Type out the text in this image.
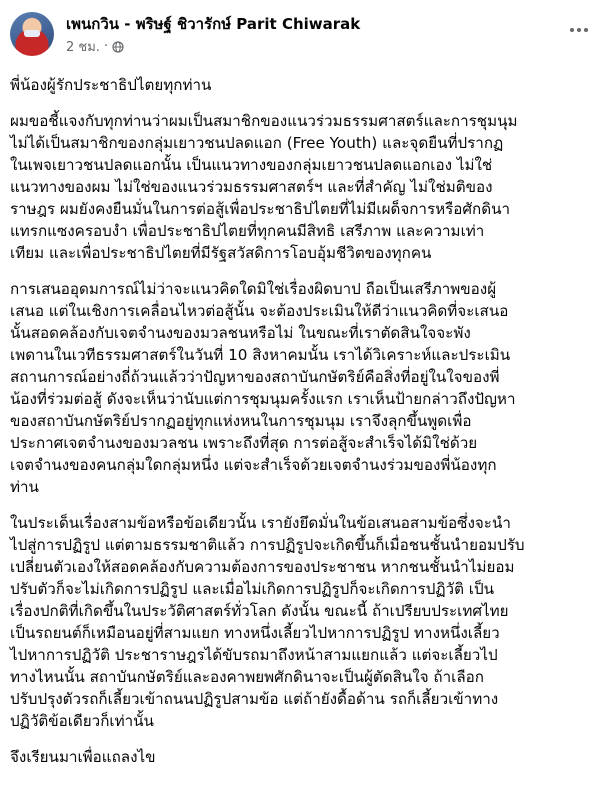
เพนกวิน - พริษฐ์ ชิวารักษ์ Parit Chiwarak
2 ชม. ·

พี่น้องผู้รักประชาธิปไตยทุกท่าน

ผมขอชี้แจงกับทุกท่านว่าผมเป็นสมาชิกของแนวร่วมธรรมศาสตร์และการชุมนุม
ไม่ได้เป็นสมาชิกของกลุ่มเยาวชนปลดแอก (Free Youth) และจุดยืนที่ปรากฏ
ในเพจเยาวชนปลดแอกนั้น เป็นแนวทางของกลุ่มเยาวชนปลดแอกเอง ไม่ใช่
แนวทางของผม ไม่ใช่ของแนวร่วมธรรมศาสตร์ฯ และที่สำคัญ ไม่ใช่มติของ
ราษฎร ผมยังคงยืนมั่นในการต่อสู้เพื่อประชาธิปไตยที่ไม่มีเผด็จการหรือศักดินา
แทรกแซงครอบงำ เพื่อประชาธิปไตยที่ทุกคนมีสิทธิ เสรีภาพ และความเท่า
เทียม และเพื่อประชาธิปไตยที่มีรัฐสวัสดิการโอบอุ้มชีวิตของทุกคน

การเสนออุดมการณ์ไม่ว่าจะแนวคิดใดมิใช่เรื่องผิดบาป ถือเป็นเสรีภาพของผู้
เสนอ แต่ในเชิงการเคลื่อนไหวต่อสู้นั้น จะต้องประเมินให้ดีว่าแนวคิดที่จะเสนอ
นั้นสอดคล้องกับเจตจำนงของมวลชนหรือไม่ ในขณะที่เราตัดสินใจจะพัง
เพดานในเวทีธรรมศาสตร์ในวันที่ 10 สิงหาคมนั้น เราได้วิเคราะห์และประเมิน
สถานการณ์อย่างถี่ถ้วนแล้วว่าปัญหาของสถาบันกษัตริย์คือสิ่งที่อยู่ในใจของพี่
น้องที่ร่วมต่อสู้ ดังจะเห็นว่านับแต่การชุมนุมครั้งแรก เราเห็นป้ายกล่าวถึงปัญหา
ของสถาบันกษัตริย์ปรากฏอยู่ทุกแห่งหนในการชุมนุม เราจึงลุกขึ้นพูดเพื่อ
ประกาศเจตจำนงของมวลชน เพราะถึงที่สุด การต่อสู้จะสำเร็จได้มิใช่ด้วย
เจตจำนงของคนกลุ่มใดกลุ่มหนึ่ง แต่จะสำเร็จด้วยเจตจำนงร่วมของพี่น้องทุก
ท่าน

ในประเด็นเรื่องสามข้อหรือข้อเดียวนั้น เรายังยึดมั่นในข้อเสนอสามข้อซึ่งจะนำ
ไปสู่การปฏิรูป แต่ตามธรรมชาติแล้ว การปฏิรูปจะเกิดขึ้นก็เมื่อชนชั้นนำยอมปรับ
เปลี่ยนตัวเองให้สอดคล้องกับความต้องการของประชาชน หากชนชั้นนำไม่ยอม
ปรับตัวก็จะไม่เกิดการปฏิรูป และเมื่อไม่เกิดการปฏิรูปก็จะเกิดการปฏิวัติ เป็น
เรื่องปกติที่เกิดขึ้นในประวัติศาสตร์ทั่วโลก ดังนั้น ขณะนี้ ถ้าเปรียบประเทศไทย
เป็นรถยนต์ก็เหมือนอยู่ที่สามแยก ทางหนึ่งเลี้ยวไปหาการปฏิรูป ทางหนึ่งเลี้ยว
ไปหาการปฏิวัติ ประชาราษฎรได้ขับรถมาถึงหน้าสามแยกแล้ว แต่จะเลี้ยวไป
ทางไหนนั้น สถาบันกษัตริย์และองคาพยพศักดินาจะเป็นผู้ตัดสินใจ ถ้าเลือก
ปรับปรุงตัวรถก็เลี้ยวเข้าถนนปฏิรูปสามข้อ แต่ถ้ายังดื้อด้าน รถก็เลี้ยวเข้าทาง
ปฏิวัติข้อเดียวก็เท่านั้น

จึงเรียนมาเพื่อแถลงไข
